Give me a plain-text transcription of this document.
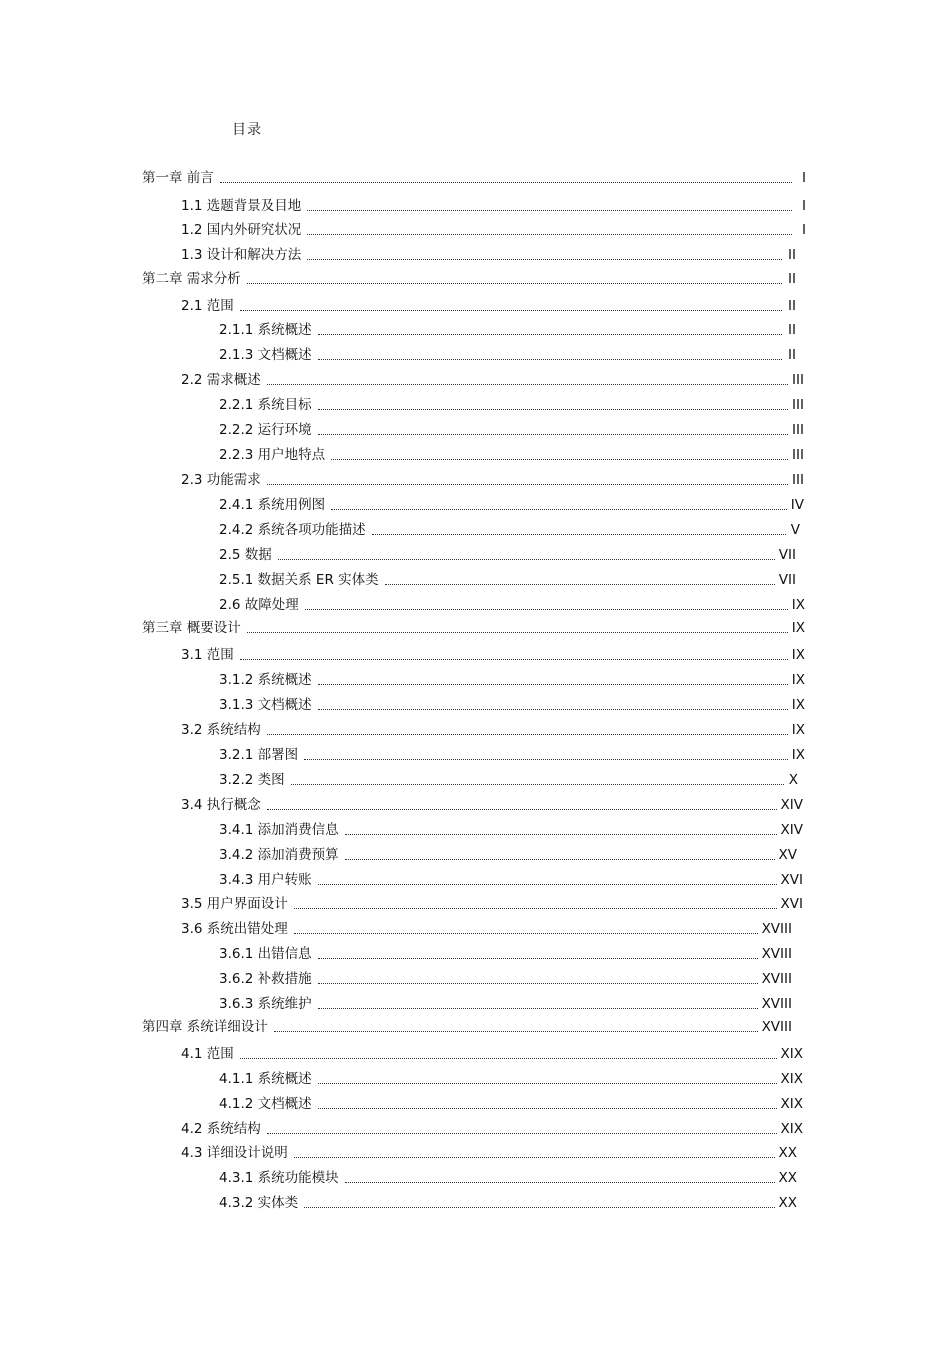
目录
第一章 前言	I
1.1 选题背景及目地	I
1.2 国内外研究状况	I
1.3 设计和解决方法	II
第二章 需求分析	II
2.1 范围	II
2.1.1 系统概述	II
2.1.3 文档概述	II
2.2 需求概述	III
2.2.1 系统目标	III
2.2.2 运行环境	III
2.2.3 用户地特点	III
2.3 功能需求	III
2.4.1 系统用例图	IV
2.4.2 系统各项功能描述	V
2.5 数据	VII
2.5.1 数据关系 ER 实体类	VII
2.6 故障处理	IX
第三章 概要设计	IX
3.1 范围	IX
3.1.2 系统概述	IX
3.1.3 文档概述	IX
3.2 系统结构	IX
3.2.1 部署图	IX
3.2.2 类图	X
3.4 执行概念	XIV
3.4.1 添加消费信息	XIV
3.4.2 添加消费预算	XV
3.4.3 用户转账	XVI
3.5 用户界面设计	XVI
3.6 系统出错处理	XVIII
3.6.1 出错信息	XVIII
3.6.2 补救措施	XVIII
3.6.3 系统维护	XVIII
第四章 系统详细设计	XVIII
4.1 范围	XIX
4.1.1 系统概述	XIX
4.1.2 文档概述	XIX
4.2 系统结构	XIX
4.3 详细设计说明	XX
4.3.1 系统功能模块	XX
4.3.2 实体类	XX
